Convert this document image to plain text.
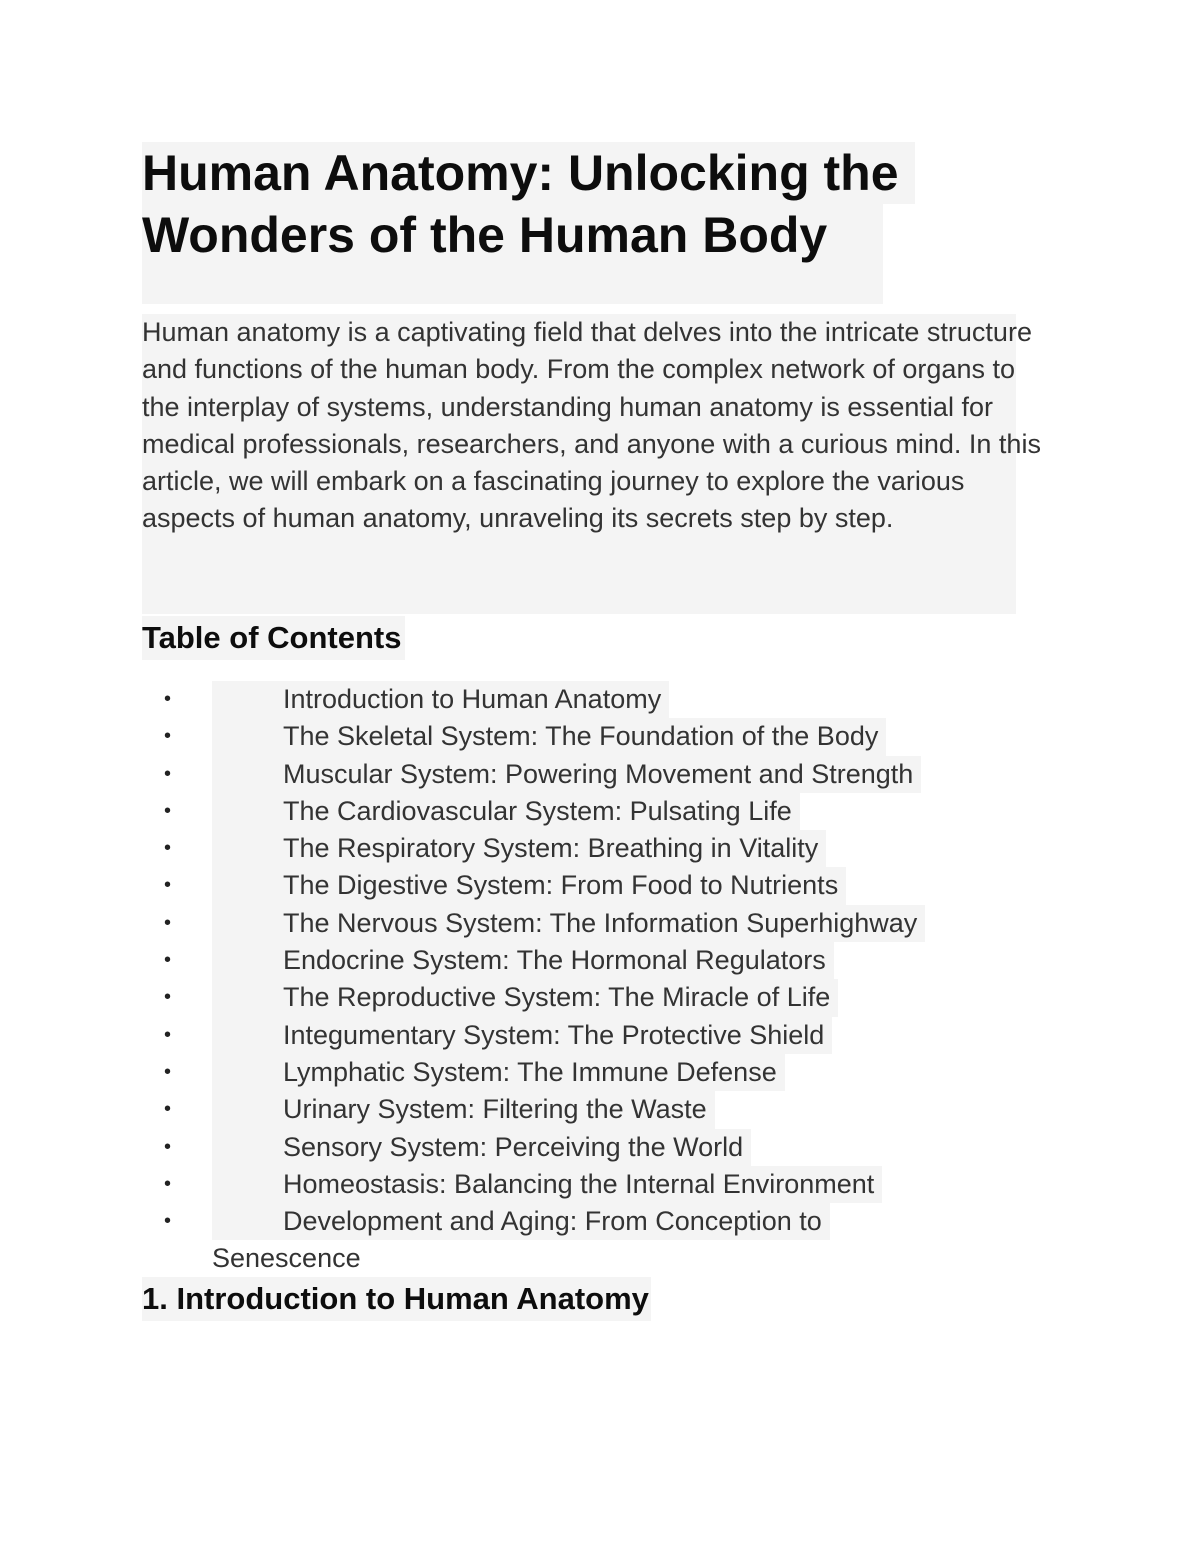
Human Anatomy: Unlocking the
Wonders of the Human Body

Human anatomy is a captivating field that delves into the intricate structure and functions of the human body. From the complex network of organs to the interplay of systems, understanding human anatomy is essential for medical professionals, researchers, and anyone with a curious mind. In this article, we will embark on a fascinating journey to explore the various aspects of human anatomy, unraveling its secrets step by step.

Table of Contents
•	Introduction to Human Anatomy
•	The Skeletal System: The Foundation of the Body
•	Muscular System: Powering Movement and Strength
•	The Cardiovascular System: Pulsating Life
•	The Respiratory System: Breathing in Vitality
•	The Digestive System: From Food to Nutrients
•	The Nervous System: The Information Superhighway
•	Endocrine System: The Hormonal Regulators
•	The Reproductive System: The Miracle of Life
•	Integumentary System: The Protective Shield
•	Lymphatic System: The Immune Defense
•	Urinary System: Filtering the Waste
•	Sensory System: Perceiving the World
•	Homeostasis: Balancing the Internal Environment
•	Development and Aging: From Conception to
Senescence
1. Introduction to Human Anatomy
